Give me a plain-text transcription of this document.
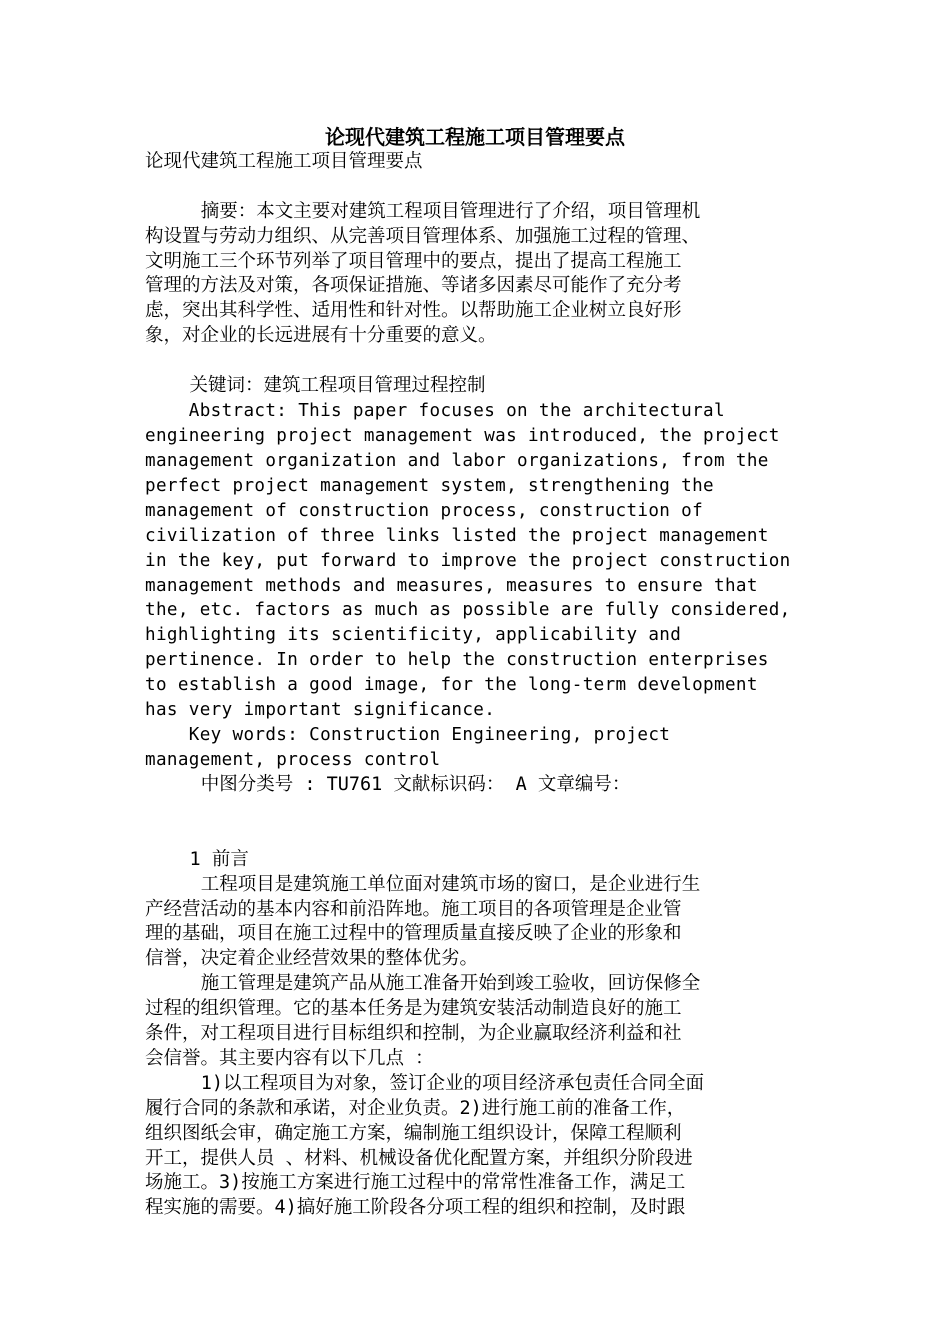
论现代建筑工程施工项目管理要点
论现代建筑工程施工项目管理要点
摘要：本文主要对建筑工程项目管理进行了介绍，项目管理机
构设置与劳动力组织、从完善项目管理体系、加强施工过程的管理、
文明施工三个环节列举了项目管理中的要点，提出了提高工程施工
管理的方法及对策，各项保证措施、等诸多因素尽可能作了充分考
虑，突出其科学性、适用性和针对性。以帮助施工企业树立良好形
象，对企业的长远进展有十分重要的意义。
关键词：建筑工程项目管理过程控制
Abstract: This paper focuses on the architectural
engineering project management was introduced, the project
management organization and labor organizations, from the
perfect project management system, strengthening the
management of construction process, construction of
civilization of three links listed the project management
in the key, put forward to improve the project construction
management methods and measures, measures to ensure that
the, etc. factors as much as possible are fully considered,
highlighting its scientificity, applicability and
pertinence. In order to help the construction enterprises
to establish a good image, for the long-term development
has very important significance.
Key words: Construction Engineering, project
management, process control
中图分类号 : TU761 文献标识码： A 文章编号：
1 前言
工程项目是建筑施工单位面对建筑市场的窗口，是企业进行生
产经营活动的基本内容和前沿阵地。施工项目的各项管理是企业管
理的基础，项目在施工过程中的管理质量直接反映了企业的形象和
信誉，决定着企业经营效果的整体优劣。
施工管理是建筑产品从施工准备开始到竣工验收，回访保修全
过程的组织管理。它的基本任务是为建筑安装活动制造良好的施工
条件，对工程项目进行目标组织和控制，为企业赢取经济利益和社
会信誉。其主要内容有以下几点 ：
1)以工程项目为对象，签订企业的项目经济承包责任合同全面
履行合同的条款和承诺，对企业负责。2)进行施工前的准备工作，
组织图纸会审，确定施工方案，编制施工组织设计，保障工程顺利
开工，提供人员 、材料、机械设备优化配置方案，并组织分阶段进
场施工。3)按施工方案进行施工过程中的常常性准备工作，满足工
程实施的需要。4)搞好施工阶段各分项工程的组织和控制，及时跟
